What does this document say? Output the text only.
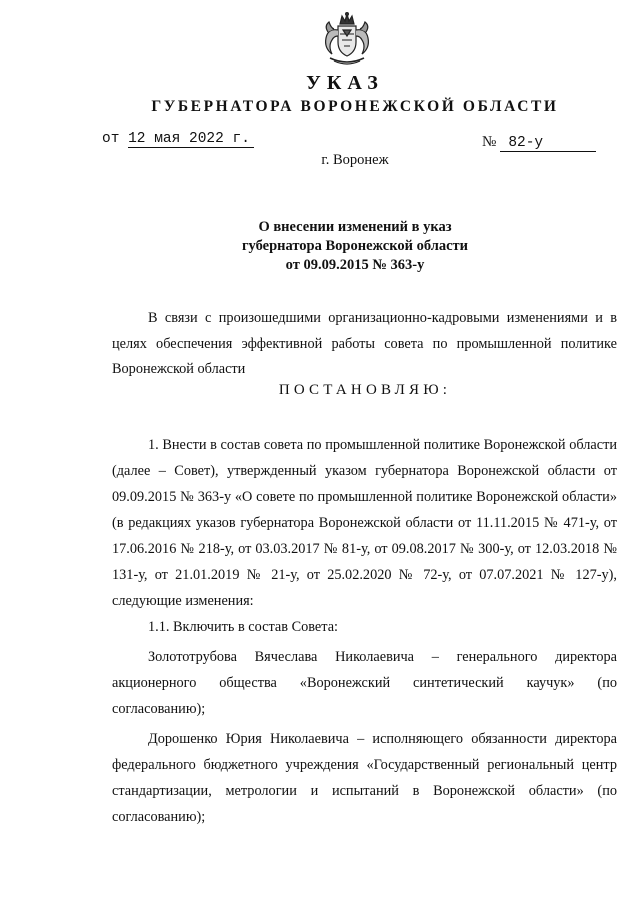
УКАЗ
ГУБЕРНАТОРА ВОРОНЕЖСКОЙ ОБЛАСТИ
от 12 мая 2022 г.	№ 82-у
г. Воронеж
О внесении изменений в указ
губернатора Воронежской области
от 09.09.2015 № 363-у
В связи с произошедшими организационно-кадровыми изменениями и в целях обеспечения эффективной работы совета по промышленной политике Воронежской области
ПОСТАНОВЛЯЮ:

1. Внести в состав совета по промышленной политике Воронежской области (далее – Совет), утвержденный указом губернатора Воронежской области от 09.09.2015 № 363-у «О совете по промышленной политике Воронежской области» (в редакциях указов губернатора Воронежской области от 11.11.2015 № 471-у, от 17.06.2016 № 218-у, от 03.03.2017 № 81-у, от 09.08.2017 № 300-у, от 12.03.2018 № 131-у, от 21.01.2019 № 21-у, от 25.02.2020 № 72-у, от 07.07.2021 № 127-у), следующие изменения:

1.1. Включить в состав Совета:

Золототрубова Вячеслава Николаевича – генерального директора акционерного общества «Воронежский синтетический каучук» (по согласованию);

Дорошенко Юрия Николаевича – исполняющего обязанности директора федерального бюджетного учреждения «Государственный региональный центр стандартизации, метрологии и испытаний в Воронежской области» (по согласованию);
